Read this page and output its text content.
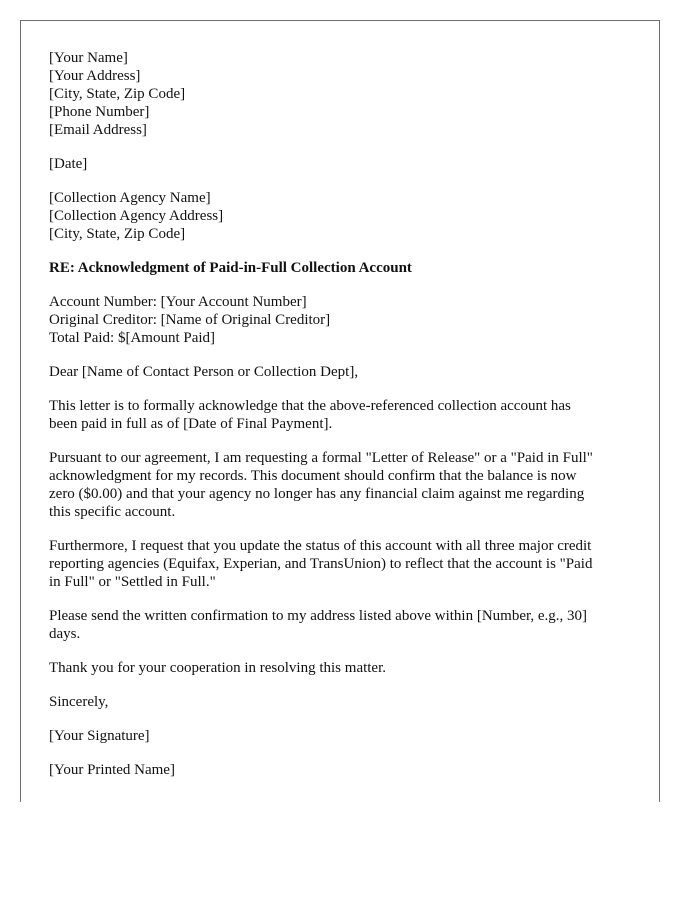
[Your Name]
[Your Address]
[City, State, Zip Code]
[Phone Number]
[Email Address]
[Date]
[Collection Agency Name]
[Collection Agency Address]
[City, State, Zip Code]
RE: Acknowledgment of Paid-in-Full Collection Account
Account Number: [Your Account Number]
Original Creditor: [Name of Original Creditor]
Total Paid: $[Amount Paid]
Dear [Name of Contact Person or Collection Dept],

This letter is to formally acknowledge that the above-referenced collection account has
been paid in full as of [Date of Final Payment].

Pursuant to our agreement, I am requesting a formal "Letter of Release" or a "Paid in Full"
acknowledgment for my records. This document should confirm that the balance is now
zero ($0.00) and that your agency no longer has any financial claim against me regarding
this specific account.

Furthermore, I request that you update the status of this account with all three major credit
reporting agencies (Equifax, Experian, and TransUnion) to reflect that the account is "Paid
in Full" or "Settled in Full."

Please send the written confirmation to my address listed above within [Number, e.g., 30]
days.

Thank you for your cooperation in resolving this matter.

Sincerely,
[Your Signature]
[Your Printed Name]
